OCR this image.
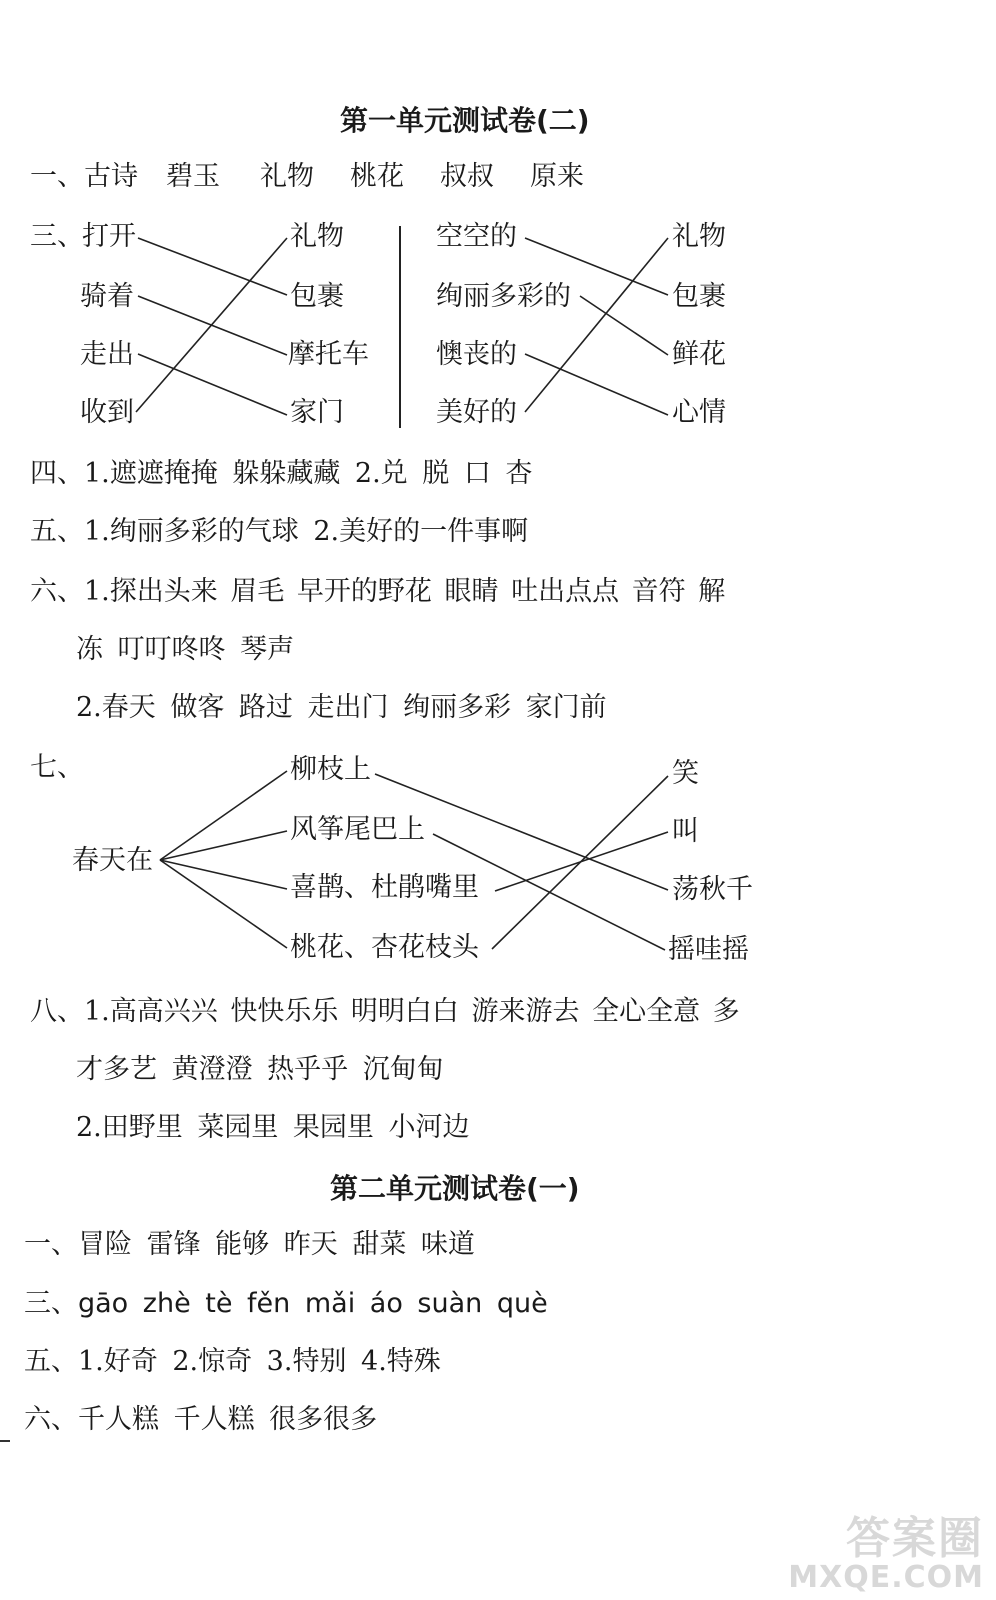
第一单元测试卷(二)
一、古诗 碧玉 礼物 桃花 叔叔 原来
三、
打开
骑着
走出
收到
礼物
包裹
摩托车
家门
空空的
绚丽多彩的
懊丧的
美好的
礼物
包裹
鲜花
心情
四、1.遮遮掩掩 躲躲藏藏 2.兑 脱 口 杏
五、1.绚丽多彩的气球 2.美好的一件事啊
六、1.探出头来 眉毛 早开的野花 眼睛 吐出点点 音符 解
冻 叮叮咚咚 琴声
2.春天 做客 路过 走出门 绚丽多彩 家门前
七、
春天在
柳枝上
风筝尾巴上
喜鹊、杜鹃嘴里
桃花、杏花枝头
笑
叫
荡秋千
摇哇摇
八、1.高高兴兴 快快乐乐 明明白白 游来游去 全心全意 多
才多艺 黄澄澄 热乎乎 沉甸甸
2.田野里 菜园里 果园里 小河边
第二单元测试卷(一)
一、冒险 雷锋 能够 昨天 甜菜 味道
三、gāo zhè tè fěn mǎi áo suàn què
五、1.好奇 2.惊奇 3.特别 4.特殊
六、千人糕 千人糕 很多很多
答案圈
MXQE.COM
